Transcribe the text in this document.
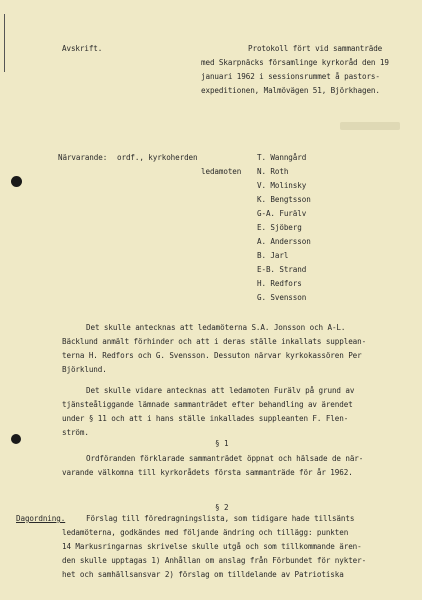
Avskrift.	Protokoll fört vid sammanträde
med Skarpnäcks församlinge kyrkoråd den 19
januari 1962 i sessionsrummet å pastors-
expeditionen, Malmövägen 51, Björkhagen.
Närvarande: ordf., kyrkoherden
ledamoten
T. Wanngård
N. Roth
V. Molinsky
K. Bengtsson
G-A. Furälv
E. Sjöberg
A. Andersson
B. Jarl
E-B. Strand
H. Redfors
G. Svensson
Det skulle antecknas att ledamöterna S.A. Jonsson och A-L.
Bäcklund anmält förhinder och att i deras ställe inkallats supplean-
terna H. Redfors och G. Svensson. Dessuton närvar kyrkokassören Per
Björklund.
Det skulle vidare antecknas att ledamoten Furälv på grund av
tjänsteåliggande lämnade sammanträdet efter behandling av ärendet
under § 11 och att i hans ställe inkallades suppleanten F. Flen-
ström.
§ 1
Ordföranden förklarade sammanträdet öppnat och hälsade de när-
varande välkomna till kyrkorådets första sammanträde för år 1962.
§ 2
Dagordning.	Förslag till föredragningslista, som tidigare hade tillsänts
ledamöterna, godkändes med följande ändring och tillägg: punkten
14 Markusringarnas skrivelse skulle utgå och som tillkommande ären-
den skulle upptagas 1) Anhållan om anslag från Förbundet för nykter-
het och samhällsansvar 2) förslag om tilldelande av Patriotiska
